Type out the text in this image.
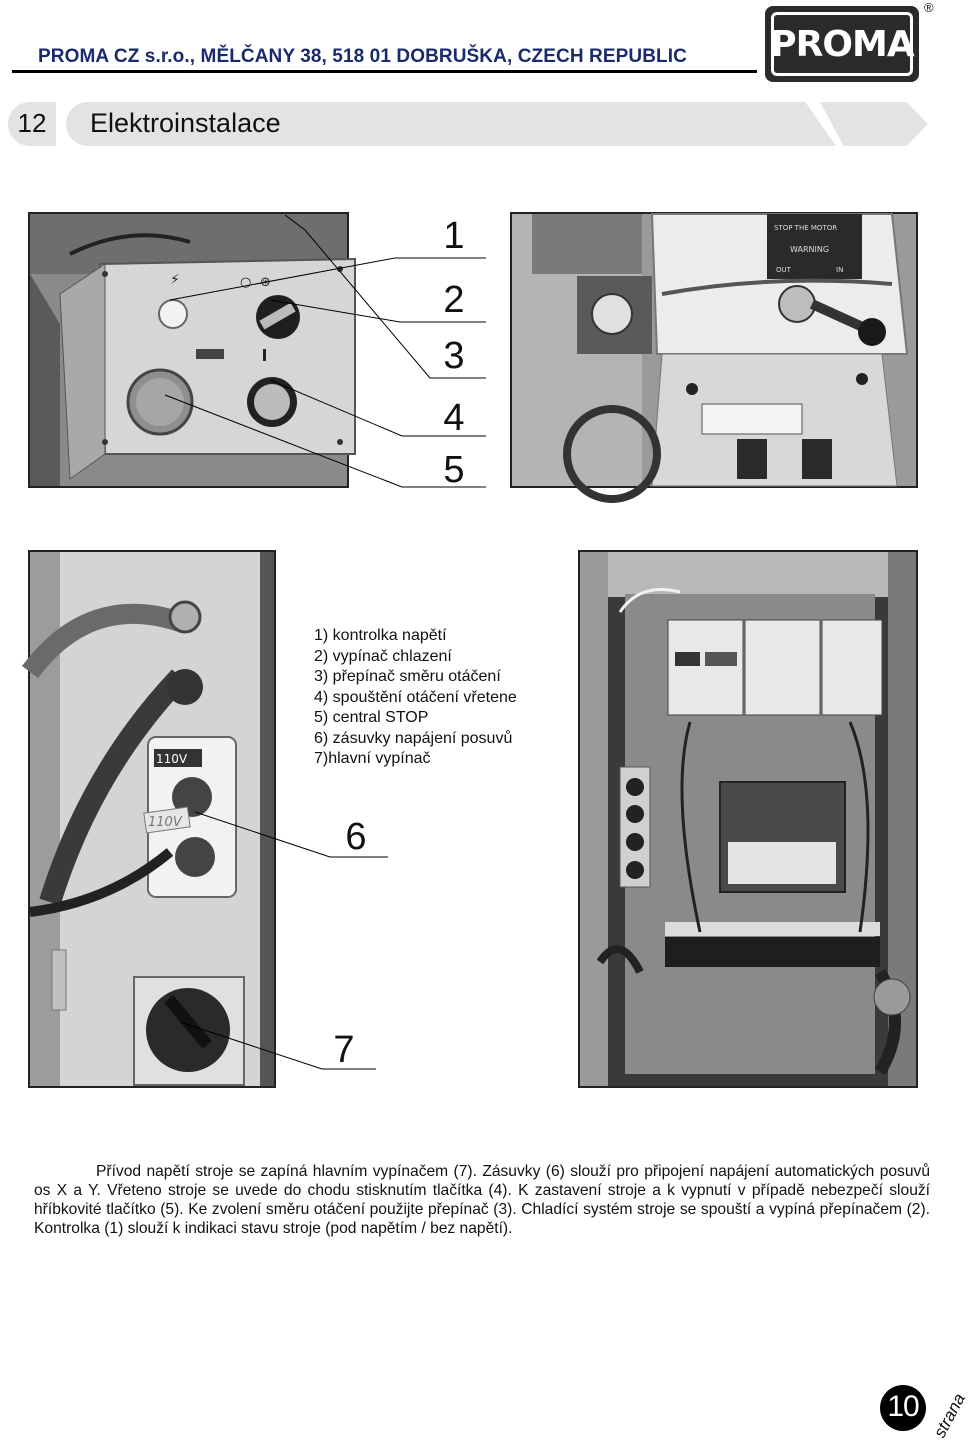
PROMA CZ s.r.o., MĚLČANY 38, 518 01 DOBRUŠKA, CZECH REPUBLIC PROMA
®
12	Elektroinstalace
⚡	○ ⊛
STOP THE MOTOR
WARNING
OUT	IN
110V
110V
1
2
3
4
5
6
7
1) kontrolka napětí
2) vypínač chlazení
3) přepínač směru otáčení
4) spouštění otáčení vřetene
5) central STOP
6) zásuvky napájení posuvů
7)hlavní vypínač
Přívod napětí stroje se zapíná hlavním vypínačem (7). Zásuvky (6) slouží pro připojení napájení automatických posuvů os X a Y. Vřeteno stroje se uvede do chodu stisknutím tlačítka (4). K zastavení stroje a k vypnutí v případě nebezpečí slouží hříbkovité tlačítko (5). Ke zvolení směru otáčení použijte přepínač (3). Chladící systém stroje se spouští a vypíná přepínačem (2). Kontrolka (1) slouží k indikaci stavu stroje (pod napětím / bez napětí).
10 strana
